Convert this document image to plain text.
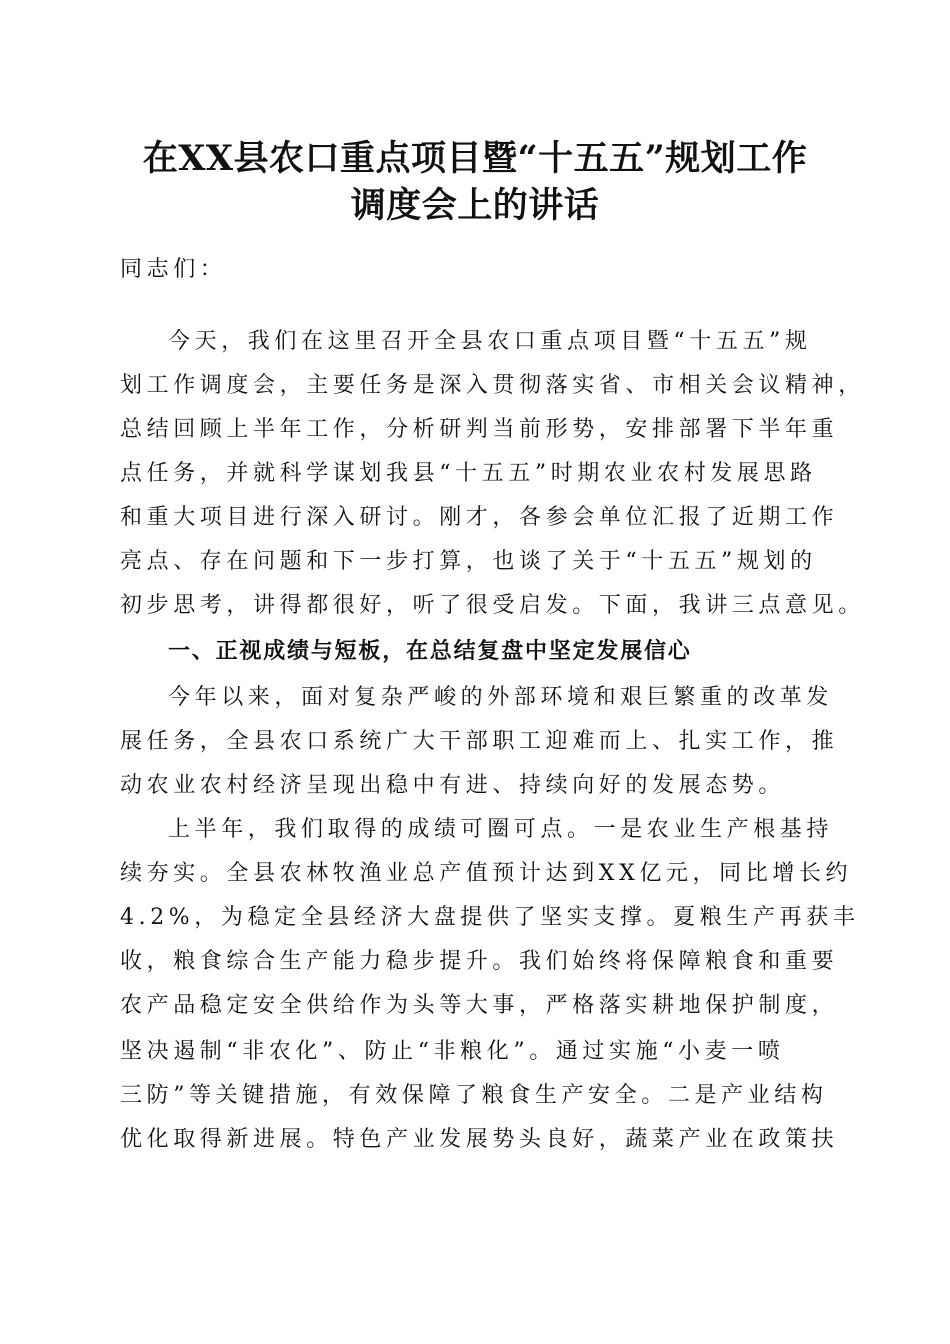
在XX县农口重点项目暨“十五五”规划工作
调度会上的讲话
同志们：
今天，我们在这里召开全县农口重点项目暨“十五五”规
划工作调度会，主要任务是深入贯彻落实省、市相关会议精神，
总结回顾上半年工作，分析研判当前形势，安排部署下半年重
点任务，并就科学谋划我县“十五五”时期农业农村发展思路
和重大项目进行深入研讨。刚才，各参会单位汇报了近期工作
亮点、存在问题和下一步打算，也谈了关于“十五五”规划的
初步思考，讲得都很好，听了很受启发。下面，我讲三点意见。
一、正视成绩与短板，在总结复盘中坚定发展信心
今年以来，面对复杂严峻的外部环境和艰巨繁重的改革发
展任务，全县农口系统广大干部职工迎难而上、扎实工作，推
动农业农村经济呈现出稳中有进、持续向好的发展态势。
上半年，我们取得的成绩可圈可点。一是农业生产根基持
续夯实。全县农林牧渔业总产值预计达到XX亿元，同比增长约
4.2%，为稳定全县经济大盘提供了坚实支撑。夏粮生产再获丰
收，粮食综合生产能力稳步提升。我们始终将保障粮食和重要
农产品稳定安全供给作为头等大事，严格落实耕地保护制度，
坚决遏制“非农化”、防止“非粮化”。通过实施“小麦一喷
三防”等关键措施，有效保障了粮食生产安全。二是产业结构
优化取得新进展。特色产业发展势头良好，蔬菜产业在政策扶
